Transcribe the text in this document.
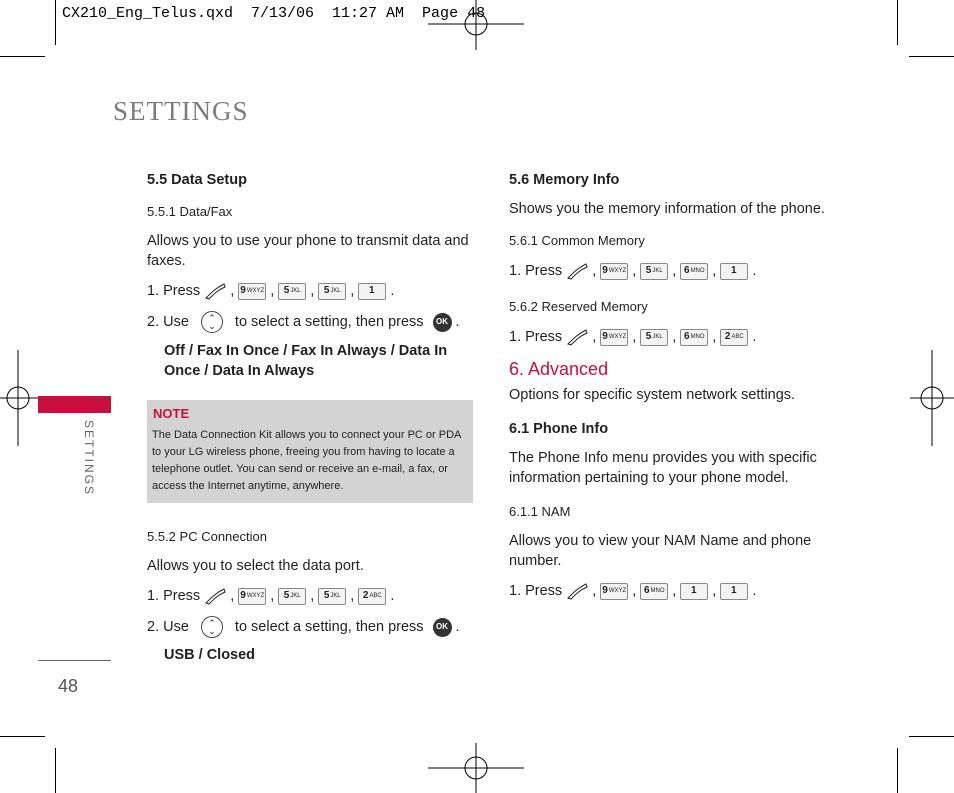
CX210_Eng_Telus.qxd  7/13/06  11:27 AM  Page 48
SETTINGS
SETTINGS
48
5.5 Data Setup
5.5.1 Data/Fax

Allows you to use your phone to transmit data and faxes.

1. Press , 9 WXYZ , 5 JKL , 5 JKL , 1 .
2. Use	⌃
⌄	to select a setting, then press	OK .
Off / Fax In Once / Fax In Always / Data In Once / Data In Always
NOTE
The Data Connection Kit allows you to connect your PC or PDA to your LG wireless phone, freeing you from having to locate a telephone outlet. You can send or receive an e-mail, a fax, or access the Internet anytime, anywhere.
5.5.2 PC Connection

Allows you to select the data port.

1. Press , 9 WXYZ , 5 JKL , 5 JKL , 2 ABC .
2. Use	⌃
⌄	to select a setting, then press	OK .
USB / Closed
5.6 Memory Info

Shows you the memory information of the phone.

5.6.1 Common Memory
1. Press , 9 WXYZ , 5 JKL , 6 MNO , 1 .
5.6.2 Reserved Memory
1. Press , 9 WXYZ , 5 JKL , 6 MNO , 2 ABC .
6. Advanced

Options for specific system network settings.

6.1 Phone Info

The Phone Info menu provides you with specific information pertaining to your phone model.

6.1.1 NAM

Allows you to view your NAM Name and phone number.

1. Press , 9 WXYZ , 6 MNO , 1 , 1 .
